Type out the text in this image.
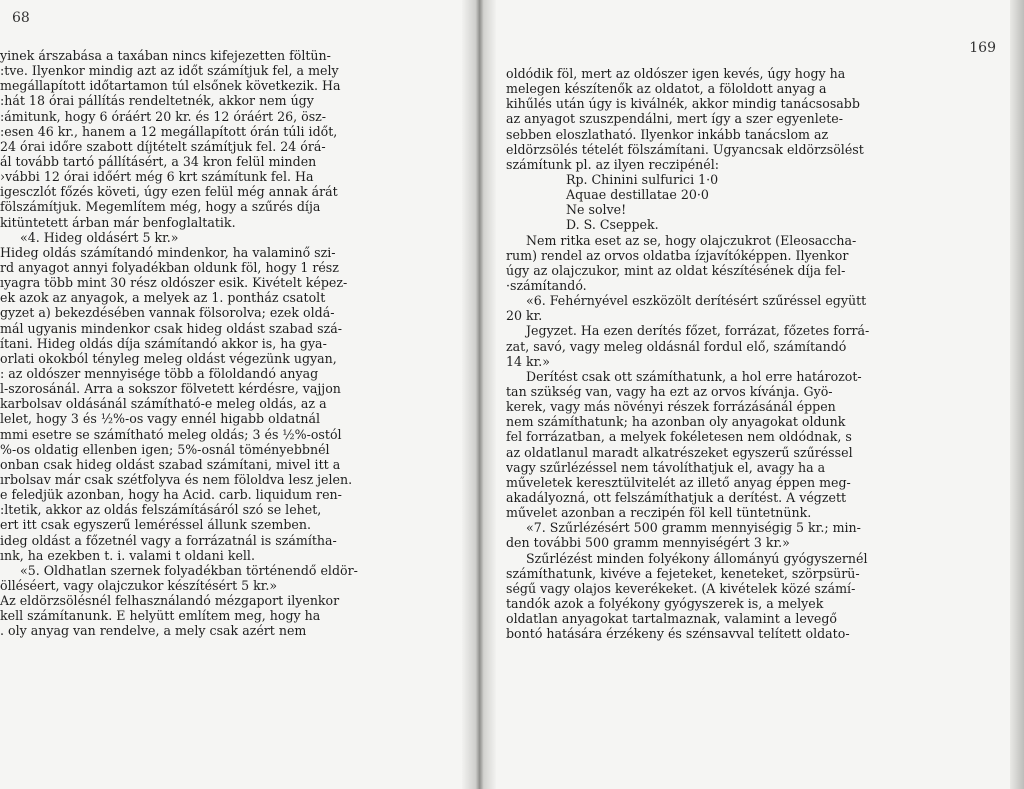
68
yinek árszabása a taxában nincs kifejezetten föltün-
:tve. Ilyenkor mindig azt az időt számítjuk fel, a mely
megállapított időtartamon túl elsőnek következik. Ha
:hát 18 órai pállítás rendeltetnék, akkor nem úgy
:ámitunk, hogy 6 óráért 20 kr. és 12 óráért 26, ösz-
:esen 46 kr., hanem a 12 megállapított órán túli időt,
24 órai időre szabott díjtételt számítjuk fel. 24 órá-
ál tovább tartó pállításért, a 34 kron felül minden
›vábbi 12 órai időért még 6 krt számítunk fel. Ha
igesczlót főzés követi, úgy ezen felül még annak árát
fölszámítjuk. Megemlítem még, hogy a szűrés díja
kitüntetett árban már benfoglaltatik.
«4. Hideg oldásért 5 kr.»
Hideg oldás számítandó mindenkor, ha valaminő szi-
rd anyagot annyi folyadékban oldunk föl, hogy 1 rész
ıyagra több mint 30 rész oldószer esik. Kivételt képez-
ek azok az anyagok, a melyek az 1. pontház csatolt
gyzet a) bekezdésében vannak fölsorolva; ezek oldá-
mál ugyanis mindenkor csak hideg oldást szabad szá-
ítani. Hideg oldás díja számítandó akkor is, ha gya-
orlati okokból tényleg meleg oldást végezünk ugyan,
: az oldószer mennyisége több a föloldandó anyag
l-szorosánál. Arra a sokszor fölvetett kérdésre, vajjon
karbolsav oldásánál számítható-e meleg oldás, az a
lelet, hogy 3 és ½%-os vagy ennél higabb oldatnál
mmi esetre se számítható meleg oldás; 3 és ½%-ostól
%-os oldatig ellenben igen; 5%-osnál töményebbnél
onban csak hideg oldást szabad számítani, mivel itt a
ırbolsav már csak szétfolyva és nem föloldva lesz jelen.
e feledjük azonban, hogy ha Acid. carb. liquidum ren-
:ltetik, akkor az oldás felszámításáról szó se lehet,
ert itt csak egyszerű leméréssel állunk szemben.
ideg oldást a főzetnél vagy a forrázatnál is számítha-
ınk, ha ezekben t. i. valami t oldani kell.
«5. Oldhatlan szernek folyadékban történendő eldör-
ölléséert, vagy olajczukor készítésért 5 kr.»
Az eldörzsölésnél felhasználandó mézgaport ilyenkor
kell számítanunk. E helyütt említem meg, hogy ha
. oly anyag van rendelve, a mely csak azért nem
169
oldódik föl, mert az oldószer igen kevés, úgy hogy ha
melegen készítenők az oldatot, a föloldott anyag a
kihűlés után úgy is kiválnék, akkor mindig tanácsosabb
az anyagot szuszpendálni, mert így a szer egyenlete-
sebben eloszlatható. Ilyenkor inkább tanácslom az
eldörzsölés tételét fölszámítani. Ugyancsak eldörzsölést
számítunk pl. az ilyen reczipénél:
Rp. Chinini sulfurici 1·0
Aquae destillatae 20·0
Ne solve!
D. S. Cseppek.
Nem ritka eset az se, hogy olajczukrot (Eleosaccha-
rum) rendel az orvos oldatba ízjavítóképpen. Ilyenkor
úgy az olajczukor, mint az oldat készítésének díja fel-
·számítandó.
«6. Fehérnyével eszközölt derítésért szűréssel együtt
20 kr.
Jegyzet. Ha ezen derítés főzet, forrázat, főzetes forrá-
zat, savó, vagy meleg oldásnál fordul elő, számítandó
14 kr.»
Derítést csak ott számíthatunk, a hol erre határozot-
tan szükség van, vagy ha ezt az orvos kívánja. Gyö-
kerek, vagy más növényi részek forrázásánál éppen
nem számíthatunk; ha azonban oly anyagokat oldunk
fel forrázatban, a melyek fokéletesen nem oldódnak, s
az oldatlanul maradt alkatrészeket egyszerű szűréssel
vagy szűrlézéssel nem távolíthatjuk el, avagy ha a
műveletek keresztülvitelét az illető anyag éppen meg-
akadályozná, ott felszámíthatjuk a derítést. A végzett
művelet azonban a reczipén föl kell tüntetnünk.
«7. Szűrlézésért 500 gramm mennyiségig 5 kr.; min-
den további 500 gramm mennyiségért 3 kr.»
Szűrlézést minden folyékony állományú gyógyszernél
számíthatunk, kivéve a fejeteket, keneteket, szörpsürü-
ségű vagy olajos keverékeket. (A kivételek közé számí-
tandók azok a folyékony gyógyszerek is, a melyek
oldatlan anyagokat tartalmaznak, valamint a levegő
bontó hatására érzékeny és szénsavval telített oldato-
